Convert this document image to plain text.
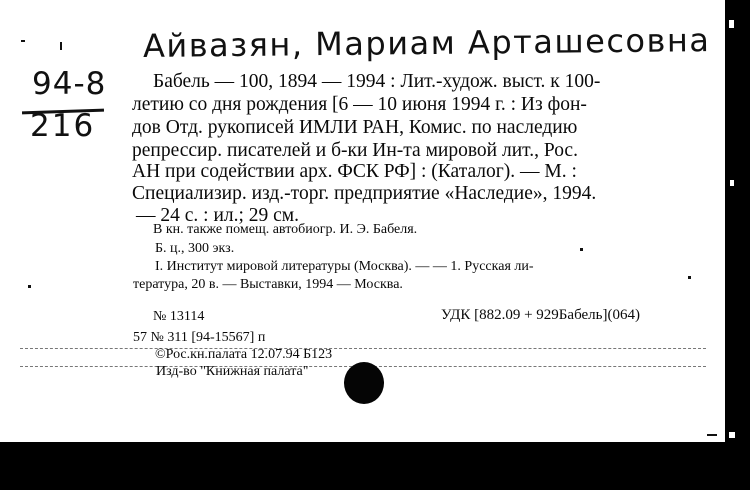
Айвазян, Мариам Арташесовна
94-8
216
Бабель — 100, 1894 — 1994 : Лит.-худож. выст. к 100-
летию со дня рождения [6 — 10 июня 1994 г. : Из фон-
дов Отд. рукописей ИМЛИ РАН, Комис. по наследию
репрессир. писателей и б-ки Ин-та мировой лит., Рос.
АН при содействии арх. ФСК РФ] : (Каталог). — М. :
Специализир. изд.-торг. предприятие «Наследие», 1994.
— 24 с. : ил.; 29 см.
В кн. также помещ. автобиогр. И. Э. Бабеля.
Б. ц., 300 экз.
I. Институт мировой литературы (Москва). — — 1. Русская ли-
тература, 20 в. — Выставки, 1994 — Москва.
№ 13114	УДК [882.09 + 929Бабель](064)
57 № 311 [94-15567] п
©Рос.кн.палата 12.07.94 Б123
Изд-во "Книжная палата"
